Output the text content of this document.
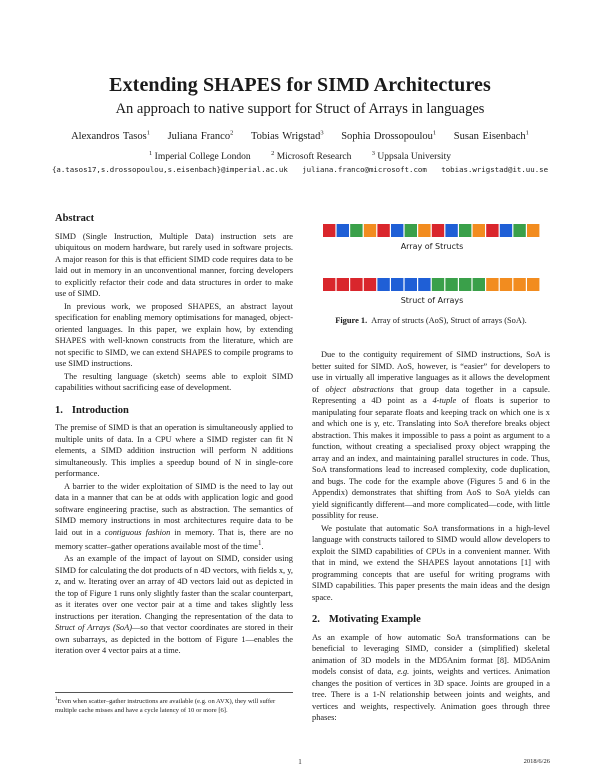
Extending SHAPES for SIMD Architectures
An approach to native support for Struct of Arrays in languages
Alexandros Tasos$^1$ Juliana Franco$^2$ Tobias Wrigstad$^3$ Sophia Drossopoulou$^1$ Susan Eisenbach$^1$
$^1$ Imperial College London	$^2$ Microsoft Research	$^3$ Uppsala University
{a.tasos17,s.drossopoulou,s.eisenbach}@imperial.ac.uk juliana.franco@microsoft.com tobias.wrigstad@it.uu.se
Abstract

SIMD (Single Instruction, Multiple Data) instruction sets are ubiquitous on modern hardware, but rarely used in software projects. A major reason for this is that efficient SIMD code requires data to be laid out in memory in an unconventional manner, forcing developers to explicitly refactor their code and data structures in order to make use of SIMD.

In previous work, we proposed SHAPES, an abstract layout specification for enabling memory optimisations for managed, object-oriented languages. In this paper, we explain how, by extending SHAPES with well-known constructs from the literature, which are not specific to SIMD, we can extend SHAPES to compile programs to use SIMD instructions.

The resulting language (sketch) seems able to exploit SIMD capabilities without sacrificing ease of development.

1. Introduction

The premise of SIMD is that an operation is simultaneously applied to multiple units of data. In a CPU where a SIMD register can fit N elements, a SIMD addition instruction will perform N additions simultaneously. This implies a speedup bound of N in single-core performance.

A barrier to the wider exploitation of SIMD is the need to lay out data in a manner that can be at odds with application logic and good software engineering practise, such as abstraction. The semantics of SIMD memory instructions in most architectures require data to be laid out in a contiguous fashion in memory. That is, there are no memory scatter–gather operations available most of the time$^1$.

As an example of the impact of layout on SIMD, consider using SIMD for calculating the dot products of n 4D vectors, with fields x, y, z, and w. Iterating over an array of 4D vectors laid out as depicted in the top of Figure 1 runs only slightly faster than the scalar counterpart, as it iterates over one vector pair at a time and takes slightly less instructions per iteration. Changing the representation of the data to Struct of Arrays (SoA)—so that vector coordinates are stored in their own subarrays, as depicted in the bottom of Figure 1—enables the iteration over 4 vector pairs at a time.

$^1$Even when scatter–gather instructions are available (e.g. on AVX), they will suffer multiple cache misses and have a cycle latency of 10 or more [6].
Array of Structs
Struct of Arrays
Figure 1. Array of structs (AoS), Struct of arrays (SoA).

Due to the contiguity requirement of SIMD instructions, SoA is better suited for SIMD. AoS, however, is “easier” for developers to use in virtually all imperative languages as it allows the development of object abstractions that group data together in a capsule. Representing a 4D point as a 4-tuple of floats is superior to manipulating four separate floats and keeping track on which one is x and which one is y, etc. Translating into SoA therefore breaks object abstraction. This makes it impossible to pass a point as argument to a function, without creating a specialised proxy object wrapping the array and an index, and maintaining parallel structures in code. Thus, SoA transformations lead to increased complexity, code duplication, and bugs. The code for the example above (Figures 5 and 6 in the Appendix) demonstrates that shifting from AoS to SoA yields can yield significantly different—and more complicated—code, with little possiblity for reuse.

We postulate that automatic SoA transformations in a high-level language with constructs tailored to SIMD would allow developers to exploit the SIMD capabilities of CPUs in a convenient manner. With that in mind, we extend the SHAPES layout annotations [1] with programming concepts that are useful for writing programs with SIMD capabilities. This paper presents the main ideas and the design space.

2. Motivating Example

As an example of how automatic SoA transformations can be beneficial to leveraging SIMD, consider a (simplified) skeletal animation of 3D models in the MD5Anim format [8]. MD5Anim models consist of data, e.g. joints, weights and vertices. Animation changes the position of vertices in 3D space. Joints are grouped in a tree. There is a 1-N relationship between joints and weights, and vertices and weights, respectively. Animation goes through three phases:

1	2018/6/26
